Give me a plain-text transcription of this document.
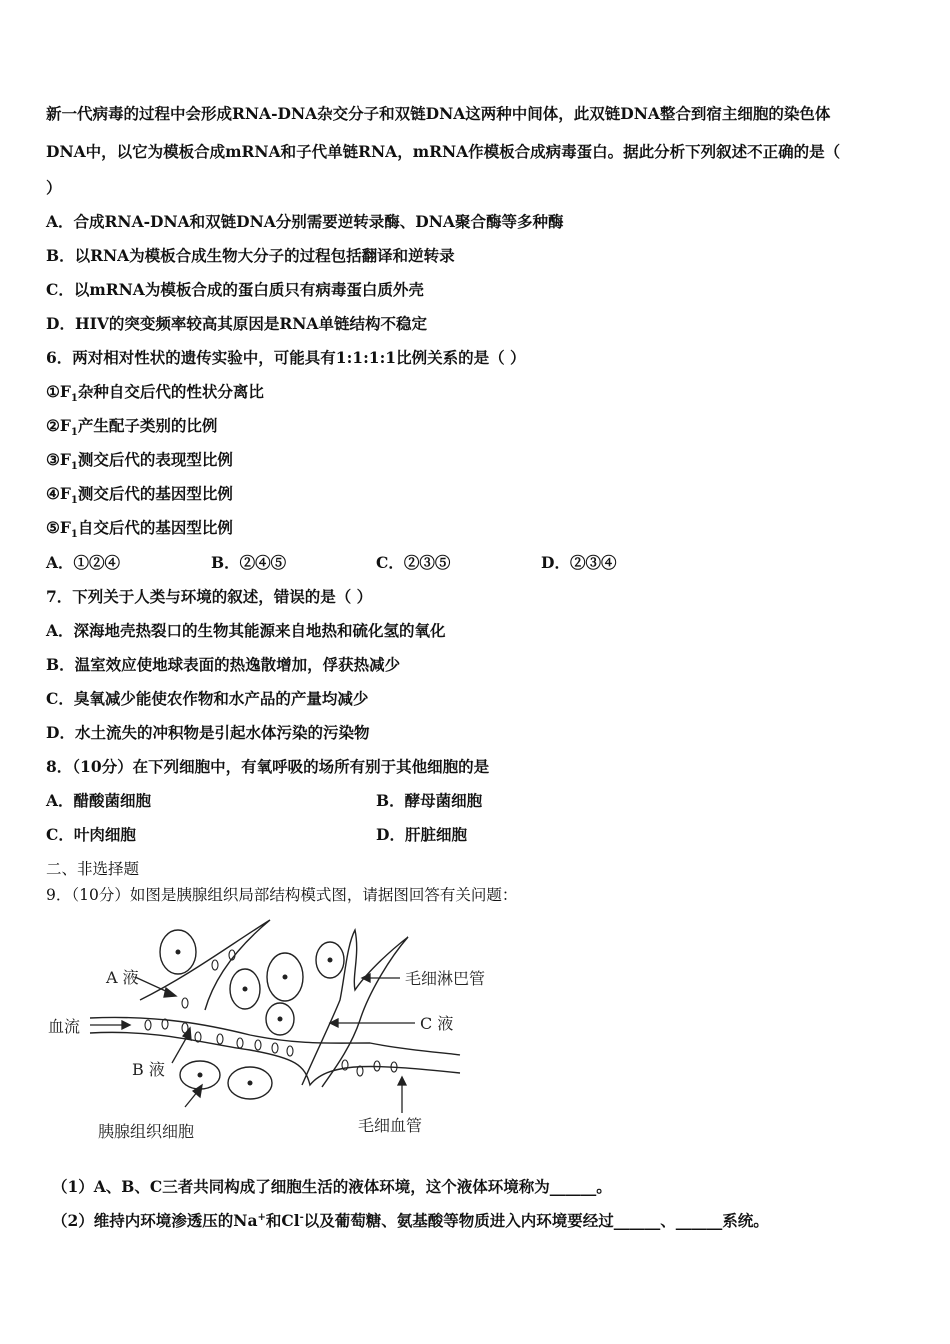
新一代病毒的过程中会形成RNA-DNA杂交分子和双链DNA这两种中间体，此双链DNA整合到宿主细胞的染色体
DNA中，以它为模板合成mRNA和子代单链RNA，mRNA作模板合成病毒蛋白。据此分析下列叙述不正确的是（
）
A．合成RNA-DNA和双链DNA分别需要逆转录酶、DNA聚合酶等多种酶
B．以RNA为模板合成生物大分子的过程包括翻译和逆转录
C．以mRNA为模板合成的蛋白质只有病毒蛋白质外壳
D．HIV的突变频率较高其原因是RNA单链结构不稳定
6．两对相对性状的遗传实验中，可能具有1:1:1:1比例关系的是（ ）
$①F_1$杂种自交后代的性状分离比
$②F_1$产生配子类别的比例
$③F_1$测交后代的表现型比例
$④F_1$测交后代的基因型比例
$⑤F_1$自交后代的基因型比例
A．①②④	B．②④⑤	C．②③⑤	D．②③④
7．下列关于人类与环境的叙述，错误的是（ ）
A．深海地壳热裂口的生物其能源来自地热和硫化氢的氧化
B．温室效应使地球表面的热逸散增加，俘获热减少
C．臭氧减少能使农作物和水产品的产量均减少
D．水土流失的冲积物是引起水体污染的污染物
8．（10分）在下列细胞中，有氧呼吸的场所有别于其他细胞的是
A．醋酸菌细胞	B．酵母菌细胞
C．叶肉细胞	D．肝脏细胞
二、非选择题
9．（10分）如图是胰腺组织局部结构模式图，请据图回答有关问题：
A 液	毛细淋巴管
血流	C 液
B 液
胰腺组织细胞	毛细血管
（1）A、B、C三者共同构成了细胞生活的液体环境，这个液体环境称为______。
（2）维持内环境渗透压的Na+和Cl-以及葡萄糖、氨基酸等物质进入内环境要经过______、______系统。
